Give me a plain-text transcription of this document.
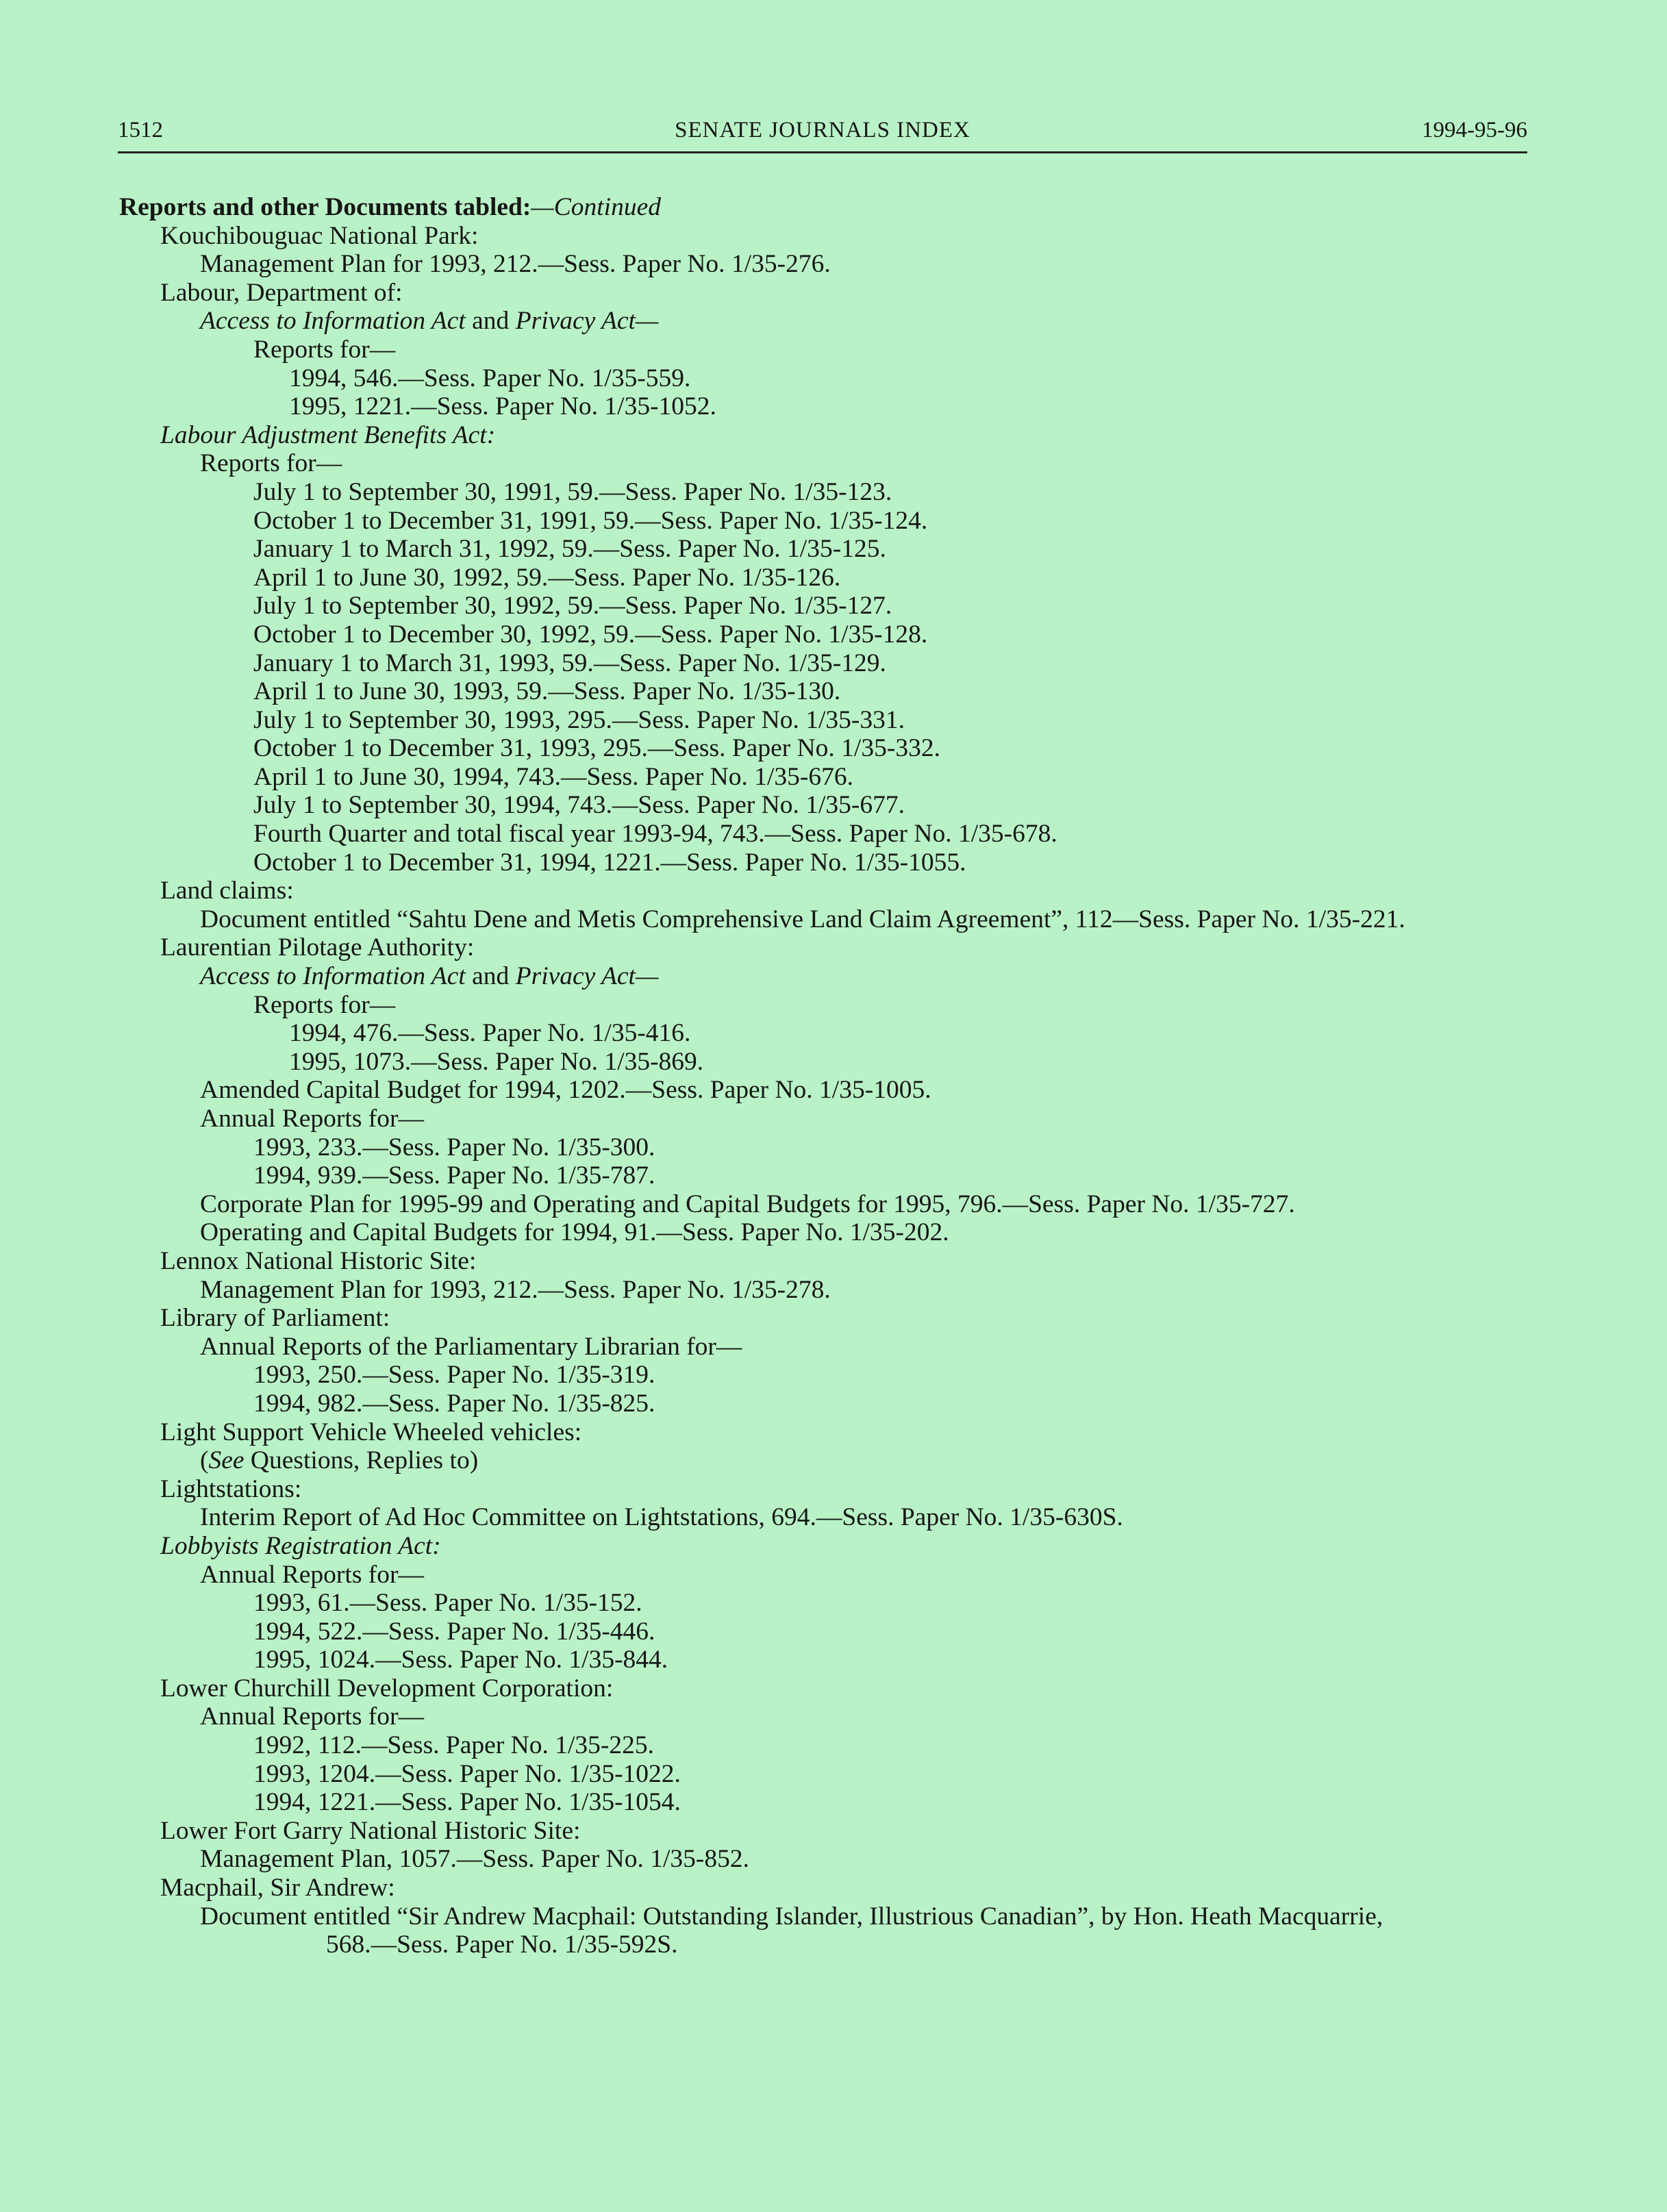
1512	SENATE JOURNALS INDEX	1994-95-96
Reports and other Documents tabled:—Continued
Kouchibouguac National Park:
Management Plan for 1993, 212.—Sess. Paper No. 1/35-276.
Labour, Department of:
Access to Information Act and Privacy Act—
Reports for—
1994, 546.—Sess. Paper No. 1/35-559.
1995, 1221.—Sess. Paper No. 1/35-1052.
Labour Adjustment Benefits Act:
Reports for—
July 1 to September 30, 1991, 59.—Sess. Paper No. 1/35-123.
October 1 to December 31, 1991, 59.—Sess. Paper No. 1/35-124.
January 1 to March 31, 1992, 59.—Sess. Paper No. 1/35-125.
April 1 to June 30, 1992, 59.—Sess. Paper No. 1/35-126.
July 1 to September 30, 1992, 59.—Sess. Paper No. 1/35-127.
October 1 to December 30, 1992, 59.—Sess. Paper No. 1/35-128.
January 1 to March 31, 1993, 59.—Sess. Paper No. 1/35-129.
April 1 to June 30, 1993, 59.—Sess. Paper No. 1/35-130.
July 1 to September 30, 1993, 295.—Sess. Paper No. 1/35-331.
October 1 to December 31, 1993, 295.—Sess. Paper No. 1/35-332.
April 1 to June 30, 1994, 743.—Sess. Paper No. 1/35-676.
July 1 to September 30, 1994, 743.—Sess. Paper No. 1/35-677.
Fourth Quarter and total fiscal year 1993-94, 743.—Sess. Paper No. 1/35-678.
October 1 to December 31, 1994, 1221.—Sess. Paper No. 1/35-1055.
Land claims:
Document entitled “Sahtu Dene and Metis Comprehensive Land Claim Agreement”, 112—Sess. Paper No. 1/35-221.
Laurentian Pilotage Authority:
Access to Information Act and Privacy Act—
Reports for—
1994, 476.—Sess. Paper No. 1/35-416.
1995, 1073.—Sess. Paper No. 1/35-869.
Amended Capital Budget for 1994, 1202.—Sess. Paper No. 1/35-1005.
Annual Reports for—
1993, 233.—Sess. Paper No. 1/35-300.
1994, 939.—Sess. Paper No. 1/35-787.
Corporate Plan for 1995-99 and Operating and Capital Budgets for 1995, 796.—Sess. Paper No. 1/35-727.
Operating and Capital Budgets for 1994, 91.—Sess. Paper No. 1/35-202.
Lennox National Historic Site:
Management Plan for 1993, 212.—Sess. Paper No. 1/35-278.
Library of Parliament:
Annual Reports of the Parliamentary Librarian for—
1993, 250.—Sess. Paper No. 1/35-319.
1994, 982.—Sess. Paper No. 1/35-825.
Light Support Vehicle Wheeled vehicles:
(See Questions, Replies to)
Lightstations:
Interim Report of Ad Hoc Committee on Lightstations, 694.—Sess. Paper No. 1/35-630S.
Lobbyists Registration Act:
Annual Reports for—
1993, 61.—Sess. Paper No. 1/35-152.
1994, 522.—Sess. Paper No. 1/35-446.
1995, 1024.—Sess. Paper No. 1/35-844.
Lower Churchill Development Corporation:
Annual Reports for—
1992, 112.—Sess. Paper No. 1/35-225.
1993, 1204.—Sess. Paper No. 1/35-1022.
1994, 1221.—Sess. Paper No. 1/35-1054.
Lower Fort Garry National Historic Site:
Management Plan, 1057.—Sess. Paper No. 1/35-852.
Macphail, Sir Andrew:
Document entitled “Sir Andrew Macphail: Outstanding Islander, Illustrious Canadian”, by Hon. Heath Macquarrie,
568.—Sess. Paper No. 1/35-592S.
